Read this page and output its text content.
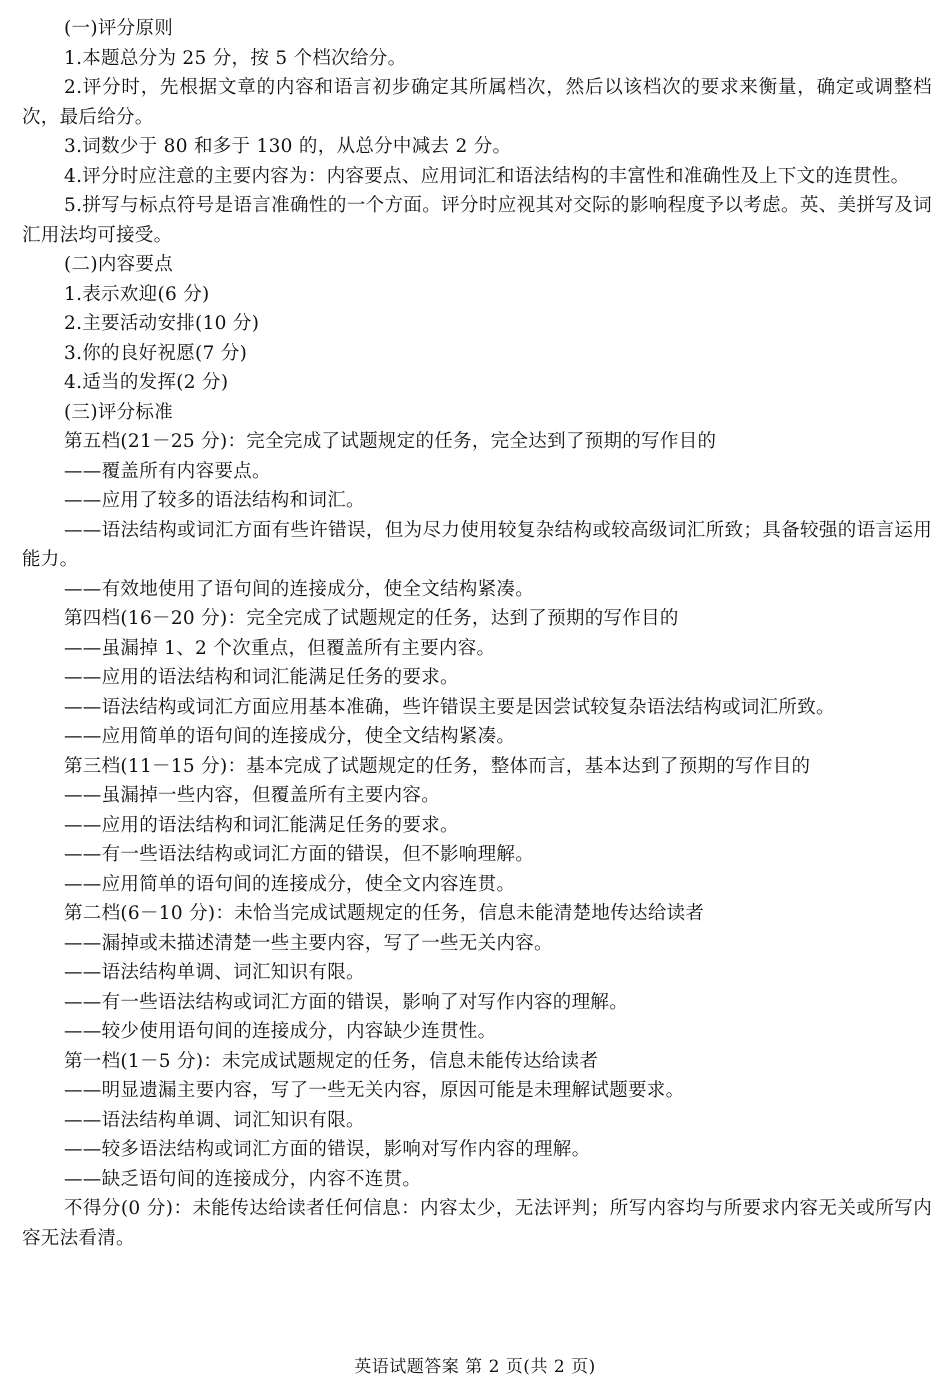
(一)评分原则
1.本题总分为 25 分，按 5 个档次给分。
2.评分时，先根据文章的内容和语言初步确定其所属档次，然后以该档次的要求来衡量，确定或调整档次，最后给分。
3.词数少于 80 和多于 130 的，从总分中减去 2 分。
4.评分时应注意的主要内容为：内容要点、应用词汇和语法结构的丰富性和准确性及上下文的连贯性。
5.拼写与标点符号是语言准确性的一个方面。评分时应视其对交际的影响程度予以考虑。英、美拼写及词汇用法均可接受。
(二)内容要点
1.表示欢迎(6 分)
2.主要活动安排(10 分)
3.你的良好祝愿(7 分)
4.适当的发挥(2 分)
(三)评分标准
第五档(21－25 分)：完全完成了试题规定的任务，完全达到了预期的写作目的
——覆盖所有内容要点。
——应用了较多的语法结构和词汇。
——语法结构或词汇方面有些许错误，但为尽力使用较复杂结构或较高级词汇所致；具备较强的语言运用能力。
——有效地使用了语句间的连接成分，使全文结构紧凑。
第四档(16－20 分)：完全完成了试题规定的任务，达到了预期的写作目的
——虽漏掉 1、2 个次重点，但覆盖所有主要内容。
——应用的语法结构和词汇能满足任务的要求。
——语法结构或词汇方面应用基本准确，些许错误主要是因尝试较复杂语法结构或词汇所致。
——应用简单的语句间的连接成分，使全文结构紧凑。
第三档(11－15 分)：基本完成了试题规定的任务，整体而言，基本达到了预期的写作目的
——虽漏掉一些内容，但覆盖所有主要内容。
——应用的语法结构和词汇能满足任务的要求。
——有一些语法结构或词汇方面的错误，但不影响理解。
——应用简单的语句间的连接成分，使全文内容连贯。
第二档(6－10 分)：未恰当完成试题规定的任务，信息未能清楚地传达给读者
——漏掉或未描述清楚一些主要内容，写了一些无关内容。
——语法结构单调、词汇知识有限。
——有一些语法结构或词汇方面的错误，影响了对写作内容的理解。
——较少使用语句间的连接成分，内容缺少连贯性。
第一档(1－5 分)：未完成试题规定的任务，信息未能传达给读者
——明显遗漏主要内容，写了一些无关内容，原因可能是未理解试题要求。
——语法结构单调、词汇知识有限。
——较多语法结构或词汇方面的错误，影响对写作内容的理解。
——缺乏语句间的连接成分，内容不连贯。
不得分(0 分)：未能传达给读者任何信息：内容太少，无法评判；所写内容均与所要求内容无关或所写内容无法看清。
英语试题答案 第 2 页(共 2 页)
